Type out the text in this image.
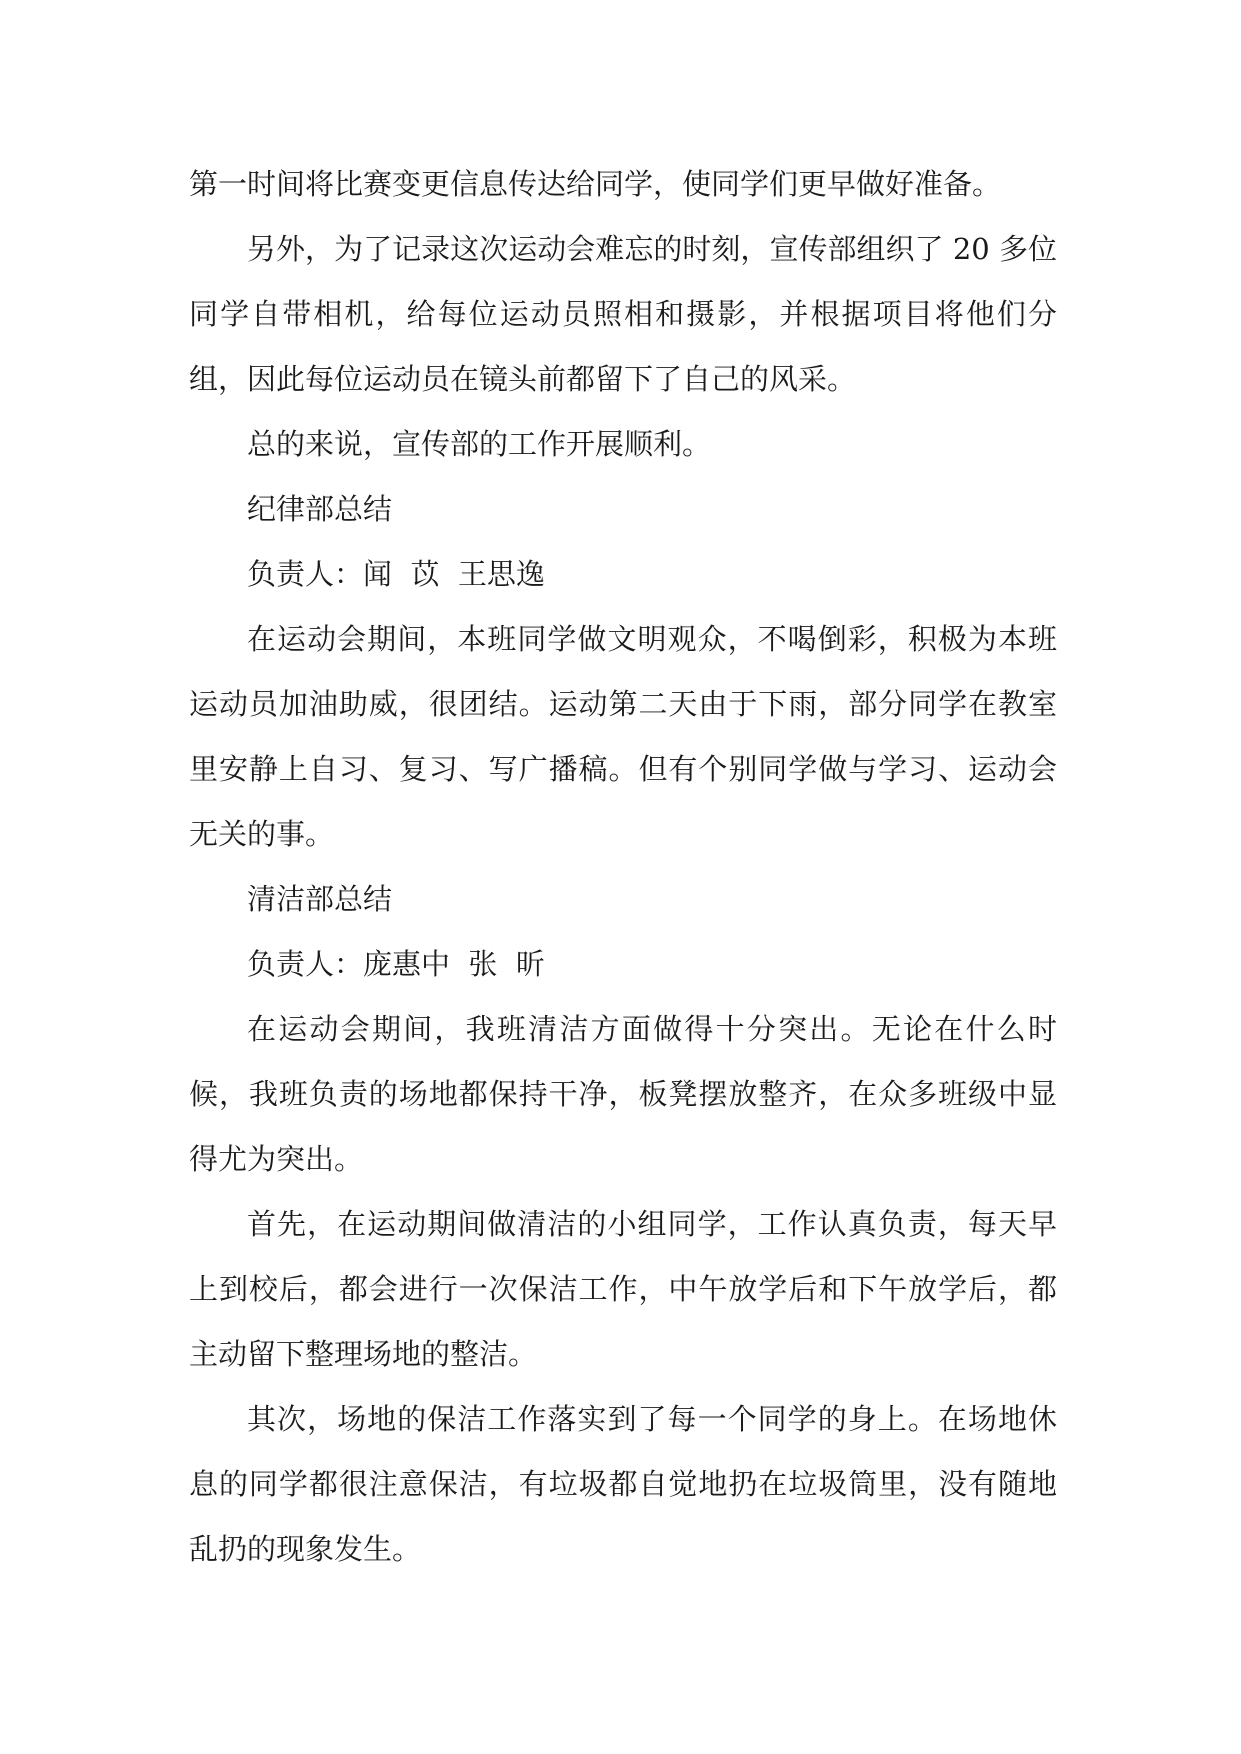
第一时间将比赛变更信息传达给同学，使同学们更早做好准备。

另外，为了记录这次运动会难忘的时刻，宣传部组织了 20 多位同学自带相机，给每位运动员照相和摄影，并根据项目将他们分组，因此每位运动员在镜头前都留下了自己的风采。

总的来说，宣传部的工作开展顺利。

纪律部总结

负责人：闻  苡  王思逸

在运动会期间，本班同学做文明观众，不喝倒彩，积极为本班运动员加油助威，很团结。运动第二天由于下雨，部分同学在教室里安静上自习、复习、写广播稿。但有个别同学做与学习、运动会无关的事。

清洁部总结

负责人：庞惠中  张  昕

在运动会期间，我班清洁方面做得十分突出。无论在什么时候，我班负责的场地都保持干净，板凳摆放整齐，在众多班级中显得尤为突出。

首先，在运动期间做清洁的小组同学，工作认真负责，每天早上到校后，都会进行一次保洁工作，中午放学后和下午放学后，都主动留下整理场地的整洁。

其次，场地的保洁工作落实到了每一个同学的身上。在场地休息的同学都很注意保洁，有垃圾都自觉地扔在垃圾筒里，没有随地乱扔的现象发生。
